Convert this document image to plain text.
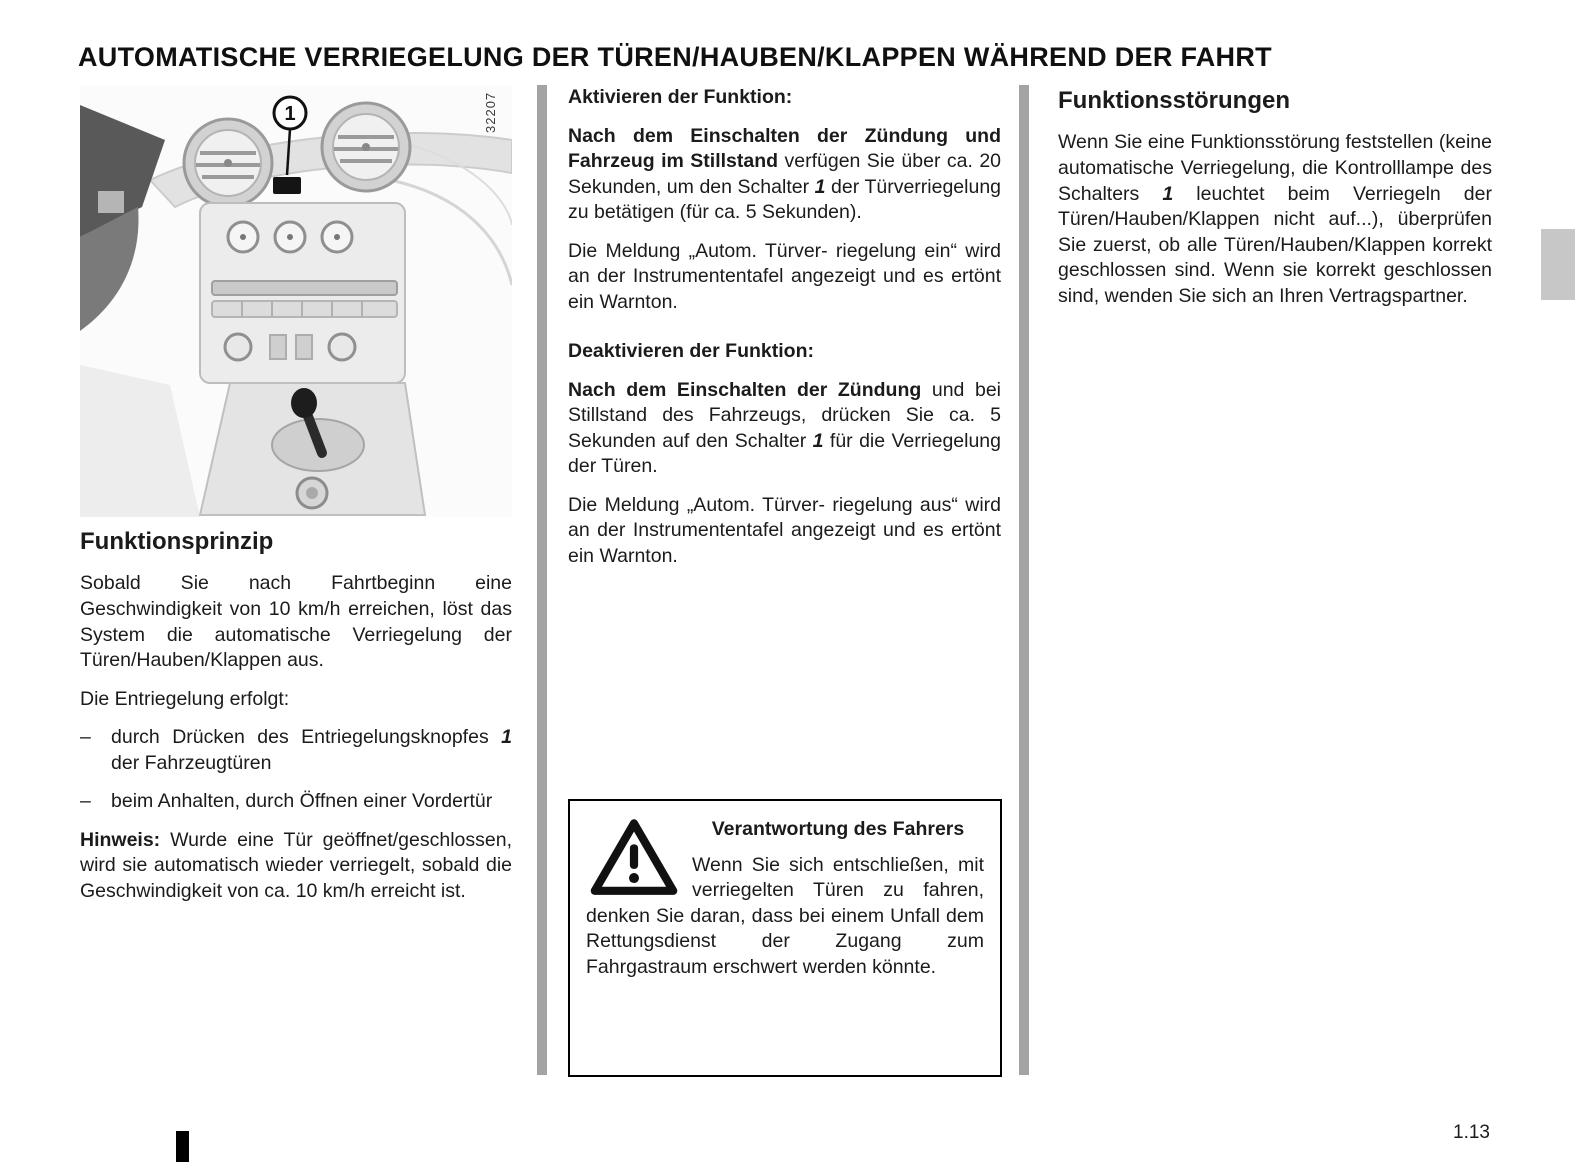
AUTOMATISCHE VERRIEGELUNG DER TÜREN/HAUBEN/KLAPPEN WÄHREND DER FAHRT
1	32207
Funktionsprinzip

Sobald Sie nach Fahrtbeginn eine Geschwindigkeit von 10 km/h erreichen, löst das System die automatische Verriegelung der Türen/Hauben/Klappen aus.

Die Entriegelung erfolgt:

–	durch Drücken des Entriegelungsknopfes 1 der Fahrzeugtüren
–	beim Anhalten, durch Öffnen einer Vordertür

Hinweis: Wurde eine Tür geöffnet/geschlossen, wird sie automatisch wieder verriegelt, sobald die Geschwindigkeit von ca. 10 km/h erreicht ist.

Aktivieren der Funktion:

Nach dem Einschalten der Zündung und Fahrzeug im Stillstand verfügen Sie über ca. 20 Sekunden, um den Schalter 1 der Türverriegelung zu betätigen (für ca. 5 Sekunden).

Die Meldung „Autom. Türver- riegelung ein“ wird an der Instrumententafel angezeigt und es ertönt ein Warnton.

Deaktivieren der Funktion:

Nach dem Einschalten der Zündung und bei Stillstand des Fahrzeugs, drücken Sie ca. 5 Sekunden auf den Schalter 1 für die Verriegelung der Türen.

Die Meldung „Autom. Türver- riegelung aus“ wird an der Instrumententafel angezeigt und es ertönt ein Warnton.

Funktionsstörungen

Wenn Sie eine Funktionsstörung feststellen (keine automatische Verriegelung, die Kontrolllampe des Schalters 1 leuchtet beim Verriegeln der Türen/Hauben/Klappen nicht auf...), überprüfen Sie zuerst, ob alle Türen/Hauben/Klappen korrekt geschlossen sind. Wenn sie korrekt geschlossen sind, wenden Sie sich an Ihren Vertragspartner.

Verantwortung des Fahrers

Wenn Sie sich entschließen, mit verriegelten Türen zu fahren, denken Sie daran, dass bei einem Unfall dem Rettungsdienst der Zugang zum Fahrgastraum erschwert werden könnte.

1.13
